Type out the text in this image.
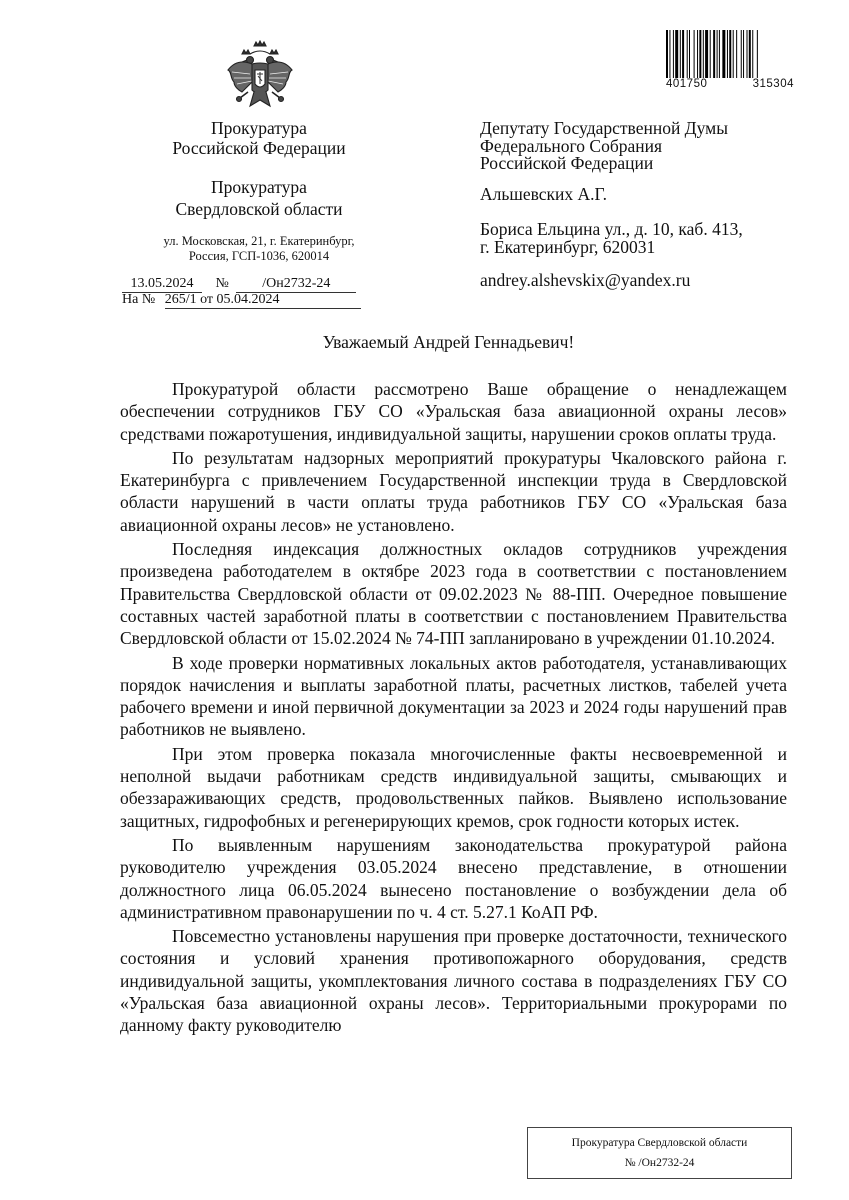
401750	315304
Прокуратура
Российской Федерации
Прокуратура
Свердловской области
ул. Московская, 21, г. Екатеринбург,
Россия, ГСП-1036, 620014
13.05.2024 № /Он2732-24
На № 265/1 от 05.04.2024
Депутату Государственной Думы
Федерального Собрания
Российской Федерации
Альшевских А.Г.
Бориса Ельцина ул., д. 10, каб. 413,
г. Екатеринбург, 620031
andrey.alshevskix@yandex.ru
Уважаемый Андрей Геннадьевич!

Прокуратурой области рассмотрено Ваше обращение о ненадлежащем обеспечении сотрудников ГБУ СО «Уральская база авиационной охраны лесов» средствами пожаротушения, индивидуальной защиты, нарушении сроков оплаты труда.

По результатам надзорных мероприятий прокуратуры Чкаловского района г. Екатеринбурга с привлечением Государственной инспекции труда в Свердловской области нарушений в части оплаты труда работников ГБУ СО «Уральская база авиационной охраны лесов» не установлено.

Последняя индексация должностных окладов сотрудников учреждения произведена работодателем в октябре 2023 года в соответствии с постановлением Правительства Свердловской области от 09.02.2023 № 88-ПП. Очередное повышение составных частей заработной платы в соответствии с постановлением Правительства Свердловской области от 15.02.2024 № 74-ПП запланировано в учреждении 01.10.2024.

В ходе проверки нормативных локальных актов работодателя, устанавливающих порядок начисления и выплаты заработной платы, расчетных листков, табелей учета рабочего времени и иной первичной документации за 2023 и 2024 годы нарушений прав работников не выявлено.

При этом проверка показала многочисленные факты несвоевременной и неполной выдачи работникам средств индивидуальной защиты, смывающих и обеззараживающих средств, продовольственных пайков. Выявлено использование защитных, гидрофобных и регенерирующих кремов, срок годности которых истек.

По выявленным нарушениям законодательства прокуратурой района руководителю учреждения 03.05.2024 внесено представление, в отношении должностного лица 06.05.2024 вынесено постановление о возбуждении дела об административном правонарушении по ч. 4 ст. 5.27.1 КоАП РФ.

Повсеместно установлены нарушения при проверке достаточности, технического состояния и условий хранения противопожарного оборудования, средств индивидуальной защиты, укомплектования личного состава в подразделениях ГБУ СО «Уральская база авиационной охраны лесов». Территориальными прокурорами по данному факту руководителю

Прокуратура Свердловской области
№ /Он2732-24
